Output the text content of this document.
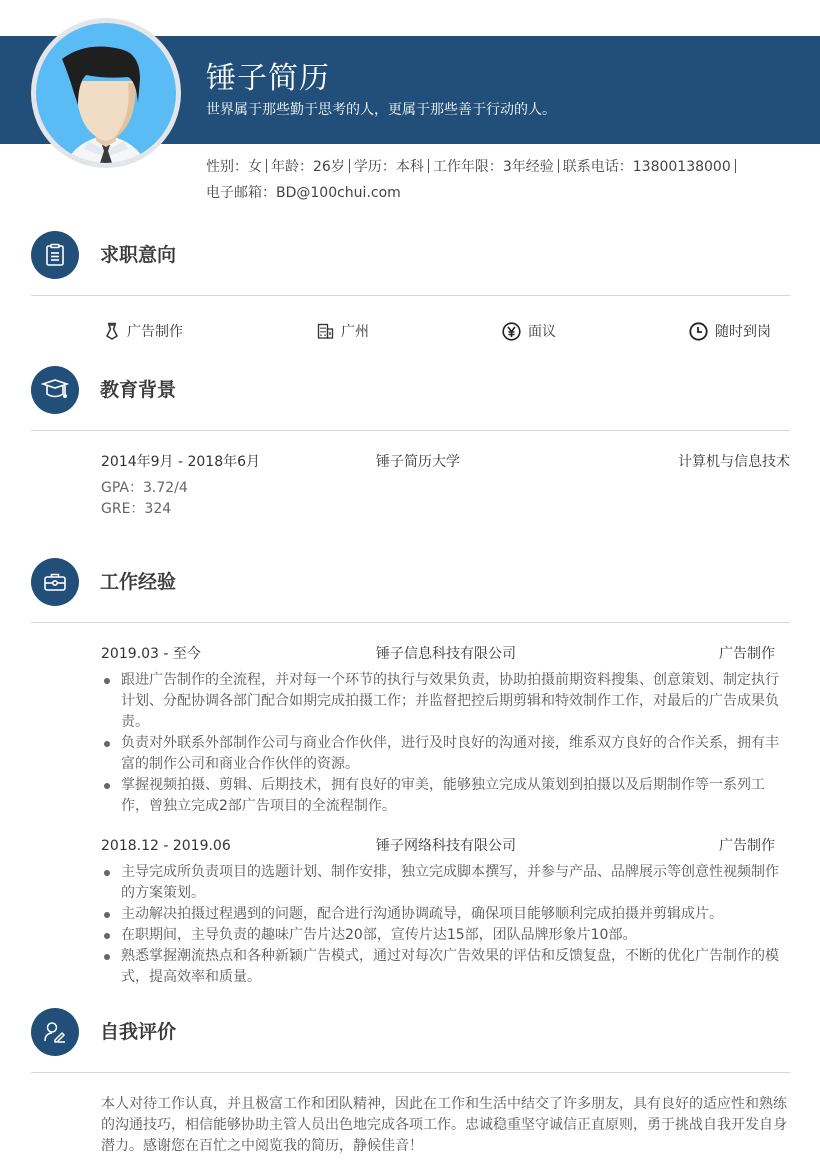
锤子简历
世界属于那些勤于思考的人，更属于那些善于行动的人。
性别：女 年龄：26岁 学历：本科 工作年限：3年经验 联系电话：13800138000
电子邮箱：BD@100chui.com
求职意向
广告制作	广州	面议	随时到岗
教育背景
2014年9月 - 2018年6月	锤子简历大学	计算机与信息技术
GPA：3.72/4
GRE：324
工作经验
2019.03 - 至今	锤子信息科技有限公司	广告制作
跟进广告制作的全流程，并对每一个环节的执行与效果负责，协助拍摄前期资料搜集、创意策划、制定执行计划、分配协调各部门配合如期完成拍摄工作；并监督把控后期剪辑和特效制作工作，对最后的广告成果负责。
负责对外联系外部制作公司与商业合作伙伴，进行及时良好的沟通对接，维系双方良好的合作关系，拥有丰富的制作公司和商业合作伙伴的资源。
掌握视频拍摄、剪辑、后期技术，拥有良好的审美，能够独立完成从策划到拍摄以及后期制作等一系列工作，曾独立完成2部广告项目的全流程制作。
2018.12 - 2019.06	锤子网络科技有限公司	广告制作
主导完成所负责项目的选题计划、制作安排，独立完成脚本撰写，并参与产品、品牌展示等创意性视频制作的方案策划。
主动解决拍摄过程遇到的问题，配合进行沟通协调疏导，确保项目能够顺利完成拍摄并剪辑成片。
在职期间，主导负责的趣味广告片达20部，宣传片达15部，团队品牌形象片10部。
熟悉掌握潮流热点和各种新颖广告模式，通过对每次广告效果的评估和反馈复盘，不断的优化广告制作的模式，提高效率和质量。
自我评价
本人对待工作认真，并且极富工作和团队精神，因此在工作和生活中结交了许多朋友，具有良好的适应性和熟练的沟通技巧，相信能够协助主管人员出色地完成各项工作。忠诚稳重坚守诚信正直原则，勇于挑战自我开发自身潜力。感谢您在百忙之中阅览我的简历，静候佳音！
